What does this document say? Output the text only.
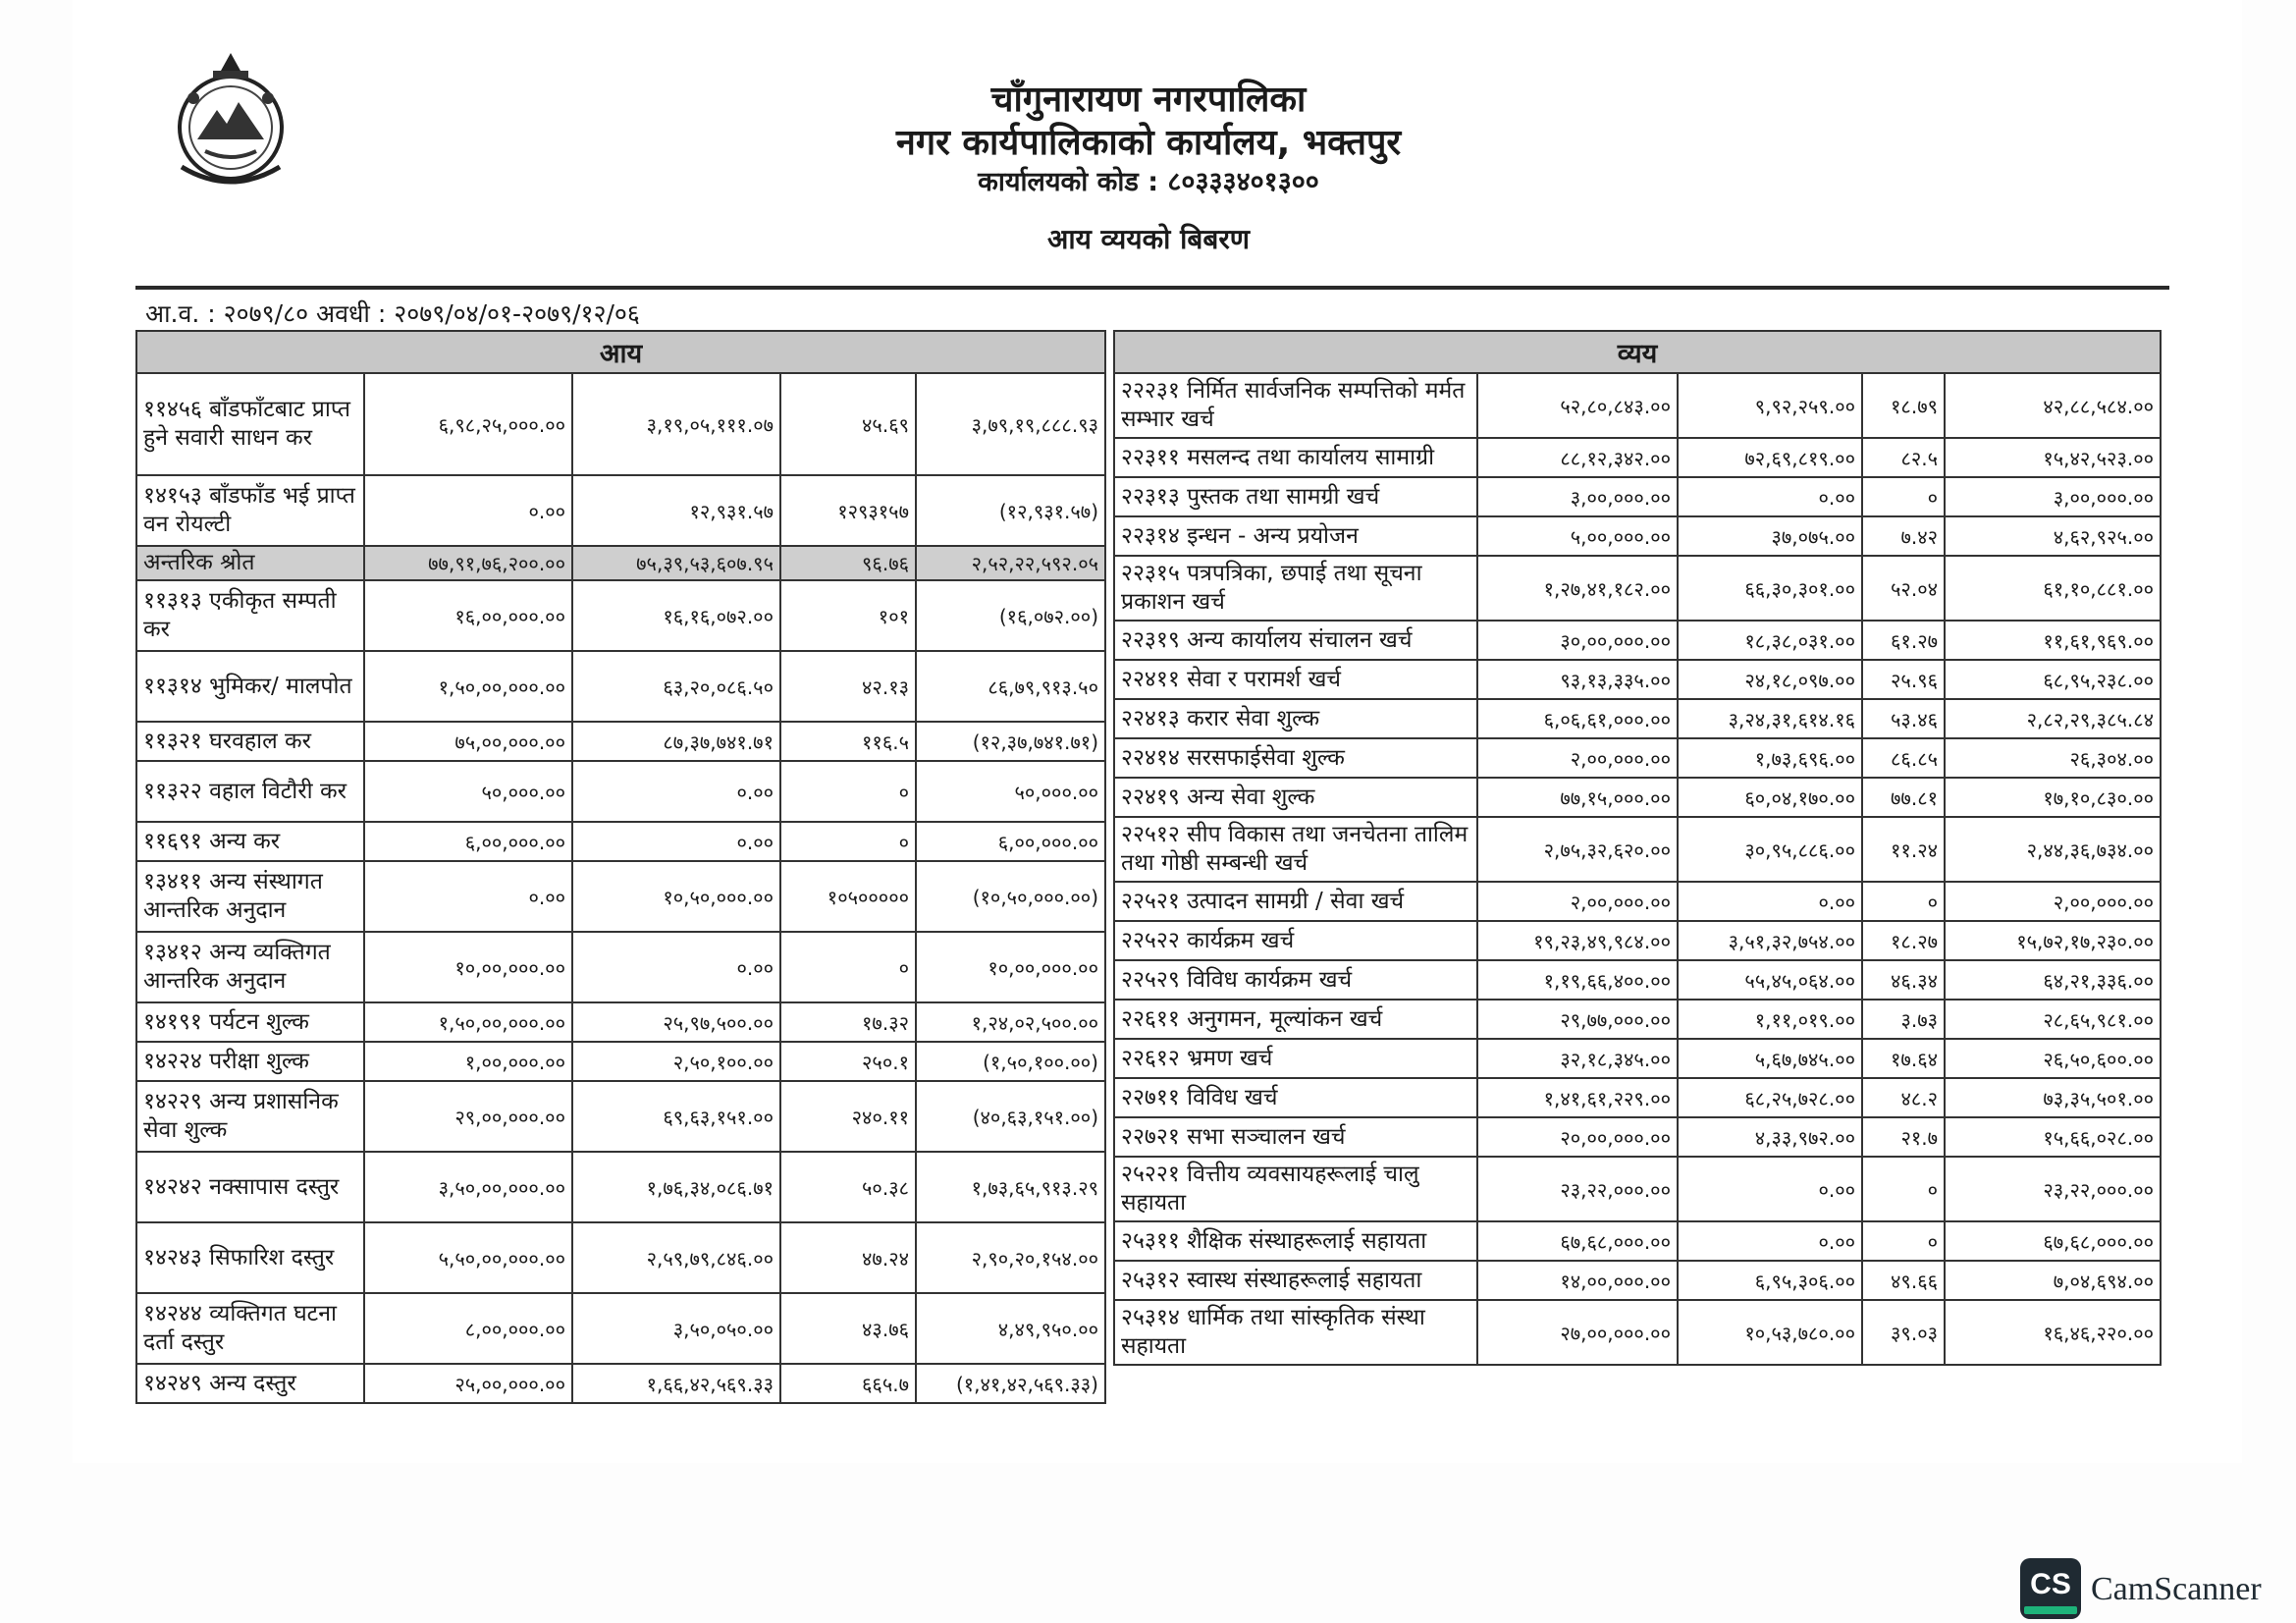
चाँगुनारायण नगरपालिका
नगर कार्यपालिकाको कार्यालय, भक्तपुर
कार्यालयको कोड : ८०३३३४०१३००
आय व्ययको बिबरण
आ.व. : २०७९/८० अवधी : २०७९/०४/०१-२०७९/१२/०६
आय				
११४५६ बाँडफाँटबाट प्राप्त हुने सवारी साधन कर	६,९८,२५,०००.००	३,१९,०५,१११.०७	४५.६९	३,७९,१९,८८८.९३
१४१५३ बाँडफाँड भई प्राप्त वन रोयल्टी	०.००	१२,९३१.५७	१२९३१५७	(१२,९३१.५७)
अन्तरिक श्रोत	७७,९१,७६,२००.००	७५,३९,५३,६०७.९५	९६.७६	२,५२,२२,५९२.०५
११३१३ एकीकृत सम्पती कर	१६,००,०००.००	१६,१६,०७२.००	१०१	(१६,०७२.००)
११३१४ भुमिकर/ मालपोत	१,५०,००,०००.००	६३,२०,०८६.५०	४२.१३	८६,७९,९१३.५०
११३२१ घरवहाल कर	७५,००,०००.००	८७,३७,७४१.७१	११६.५	(१२,३७,७४१.७१)
११३२२ वहाल विटौरी कर	५०,०००.००	०.००	०	५०,०००.००
११६९१ अन्य कर	६,००,०००.००	०.००	०	६,००,०००.००
१३४११ अन्य संस्थागत आन्तरिक अनुदान	०.००	१०,५०,०००.००	१०५०००००	(१०,५०,०००.००)
१३४१२ अन्य व्यक्तिगत आन्तरिक अनुदान	१०,००,०००.००	०.००	०	१०,००,०००.००
१४१९१ पर्यटन शुल्क	१,५०,००,०००.००	२५,९७,५००.००	१७.३२	१,२४,०२,५००.००
१४२२४ परीक्षा शुल्क	१,००,०००.००	२,५०,१००.००	२५०.१	(१,५०,१००.००)
१४२२९ अन्य प्रशासनिक सेवा शुल्क	२९,००,०००.००	६९,६३,१५१.००	२४०.११	(४०,६३,१५१.००)
१४२४२ नक्सापास दस्तुर	३,५०,००,०००.००	१,७६,३४,०८६.७१	५०.३८	१,७३,६५,९१३.२९
१४२४३ सिफारिश दस्तुर	५,५०,००,०००.००	२,५९,७९,८४६.००	४७.२४	२,९०,२०,१५४.००
१४२४४ व्यक्तिगत घटना दर्ता दस्तुर	८,००,०००.००	३,५०,०५०.००	४३.७६	४,४९,९५०.००
१४२४९ अन्य दस्तुर	२५,००,०००.००	१,६६,४२,५६९.३३	६६५.७	(१,४१,४२,५६९.३३)
व्यय				
२२२३१ निर्मित सार्वजनिक सम्पत्तिको मर्मत सम्भार खर्च	५२,८०,८४३.००	९,९२,२५९.००	१८.७९	४२,८८,५८४.००
२२३११ मसलन्द तथा कार्यालय सामाग्री	८८,१२,३४२.००	७२,६९,८१९.००	८२.५	१५,४२,५२३.००
२२३१३ पुस्तक तथा सामग्री खर्च	३,००,०००.००	०.००	०	३,००,०००.००
२२३१४ इन्धन - अन्य प्रयोजन	५,००,०००.००	३७,०७५.००	७.४२	४,६२,९२५.००
२२३१५ पत्रपत्रिका, छपाई तथा सूचना प्रकाशन खर्च	१,२७,४१,१८२.००	६६,३०,३०१.००	५२.०४	६१,१०,८८१.००
२२३१९ अन्य कार्यालय संचालन खर्च	३०,००,०००.००	१८,३८,०३१.००	६१.२७	११,६१,९६९.००
२२४११ सेवा र परामर्श खर्च	९३,१३,३३५.००	२४,१८,०९७.००	२५.९६	६८,९५,२३८.००
२२४१३ करार सेवा शुल्क	६,०६,६१,०००.००	३,२४,३१,६१४.१६	५३.४६	२,८२,२९,३८५.८४
२२४१४ सरसफाईसेवा शुल्क	२,००,०००.००	१,७३,६९६.००	८६.८५	२६,३०४.००
२२४१९ अन्य सेवा शुल्क	७७,१५,०००.००	६०,०४,१७०.००	७७.८१	१७,१०,८३०.००
२२५१२ सीप विकास तथा जनचेतना तालिम तथा गोष्ठी सम्बन्धी खर्च	२,७५,३२,६२०.००	३०,९५,८८६.००	११.२४	२,४४,३६,७३४.००
२२५२१ उत्पादन सामग्री / सेवा खर्च	२,००,०००.००	०.००	०	२,००,०००.००
२२५२२ कार्यक्रम खर्च	१९,२३,४९,९८४.००	३,५१,३२,७५४.००	१८.२७	१५,७२,१७,२३०.००
२२५२९ विविध कार्यक्रम खर्च	१,१९,६६,४००.००	५५,४५,०६४.००	४६.३४	६४,२१,३३६.००
२२६११ अनुगमन, मूल्यांकन खर्च	२९,७७,०००.००	१,११,०१९.००	३.७३	२८,६५,९८१.००
२२६१२ भ्रमण खर्च	३२,१८,३४५.००	५,६७,७४५.००	१७.६४	२६,५०,६००.००
२२७११ विविध खर्च	१,४१,६१,२२९.००	६८,२५,७२८.००	४८.२	७३,३५,५०१.००
२२७२१ सभा सञ्चालन खर्च	२०,००,०००.००	४,३३,९७२.००	२१.७	१५,६६,०२८.००
२५२२१ वित्तीय व्यवसायहरूलाई चालु सहायता	२३,२२,०००.००	०.००	०	२३,२२,०००.००
२५३११ शैक्षिक संस्थाहरूलाई सहायता	६७,६८,०००.००	०.००	०	६७,६८,०००.००
२५३१२ स्वास्थ संस्थाहरूलाई सहायता	१४,००,०००.००	६,९५,३०६.००	४९.६६	७,०४,६९४.००
२५३१४ धार्मिक तथा सांस्कृतिक संस्था सहायता	२७,००,०००.००	१०,५३,७८०.००	३९.०३	१६,४६,२२०.००
CS CamScanner
